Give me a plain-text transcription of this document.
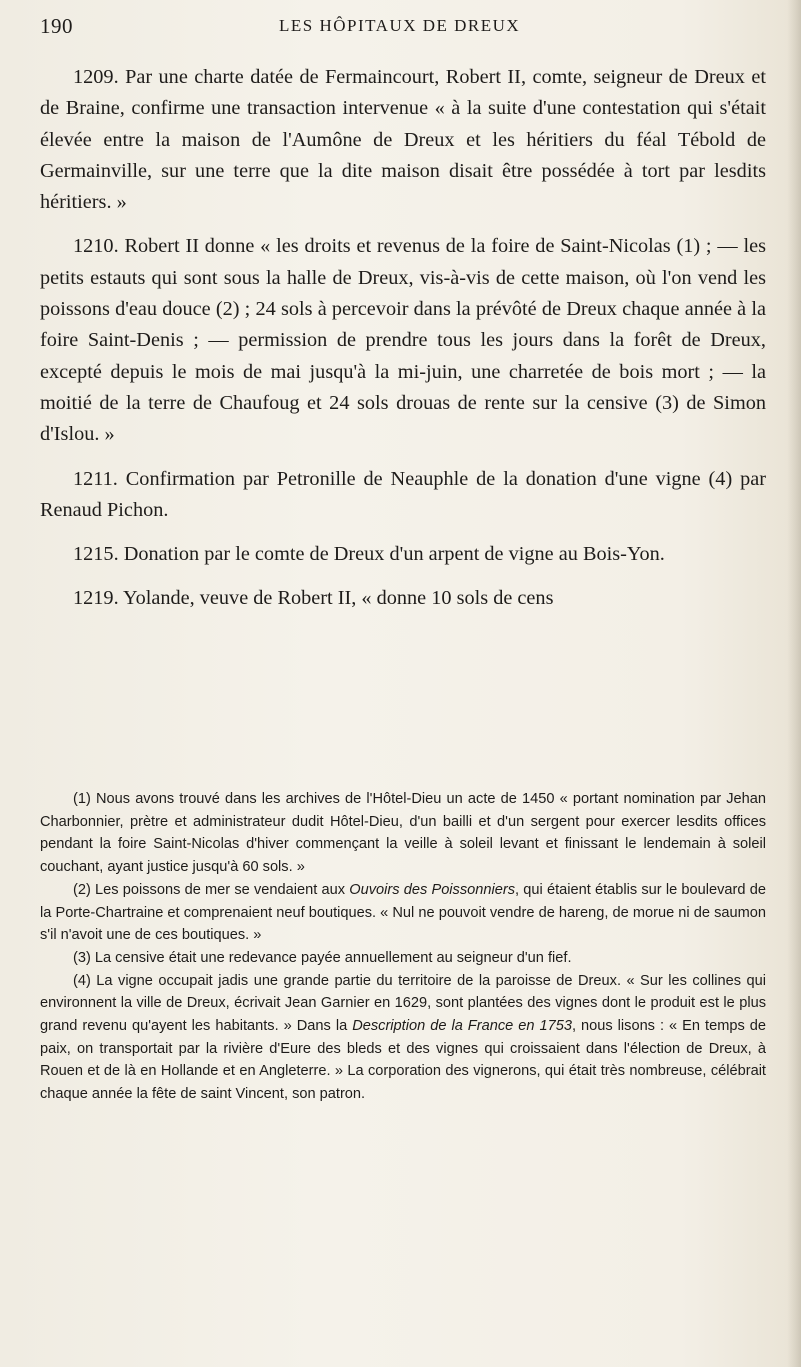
190	LES HÔPITAUX DE DREUX

1209. Par une charte datée de Fermaincourt, Robert II, comte, seigneur de Dreux et de Braine, confirme une transaction intervenue « à la suite d'une contestation qui s'était élevée entre la maison de l'Aumône de Dreux et les héritiers du féal Tébold de Germainville, sur une terre que la dite maison disait être possédée à tort par lesdits héritiers. »

1210. Robert II donne « les droits et revenus de la foire de Saint-Nicolas (1) ; — les petits estauts qui sont sous la halle de Dreux, vis-à-vis de cette maison, où l'on vend les poissons d'eau douce (2) ; 24 sols à percevoir dans la prévôté de Dreux chaque année à la foire Saint-Denis ; — permission de prendre tous les jours dans la forêt de Dreux, excepté depuis le mois de mai jusqu'à la mi-juin, une charretée de bois mort ; — la moitié de la terre de Chaufoug et 24 sols drouas de rente sur la censive (3) de Simon d'Islou. »

1211. Confirmation par Petronille de Neauphle de la donation d'une vigne (4) par Renaud Pichon.

1215. Donation par le comte de Dreux d'un arpent de vigne au Bois-Yon.

1219. Yolande, veuve de Robert II, « donne 10 sols de cens

(1) Nous avons trouvé dans les archives de l'Hôtel-Dieu un acte de 1450 « portant nomination par Jehan Charbonnier, prètre et administrateur dudit Hôtel-Dieu, d'un bailli et d'un sergent pour exercer lesdits offices pendant la foire Saint-Nicolas d'hiver commençant la veille à soleil levant et finissant le lendemain à soleil couchant, ayant justice jusqu'à 60 sols. »

(2) Les poissons de mer se vendaient aux Ouvoirs des Poissonniers, qui étaient établis sur le boulevard de la Porte-Chartraine et comprenaient neuf boutiques. « Nul ne pouvoit vendre de hareng, de morue ni de saumon s'il n'avoit une de ces boutiques. »

(3) La censive était une redevance payée annuellement au seigneur d'un fief.

(4) La vigne occupait jadis une grande partie du territoire de la paroisse de Dreux. « Sur les collines qui environnent la ville de Dreux, écrivait Jean Garnier en 1629, sont plantées des vignes dont le produit est le plus grand revenu qu'ayent les habitants. » Dans la Description de la France en 1753, nous lisons : « En temps de paix, on transportait par la rivière d'Eure des bleds et des vignes qui croissaient dans l'élection de Dreux, à Rouen et de là en Hollande et en Angleterre. » La corporation des vignerons, qui était très nombreuse, célébrait chaque année la fête de saint Vincent, son patron.
